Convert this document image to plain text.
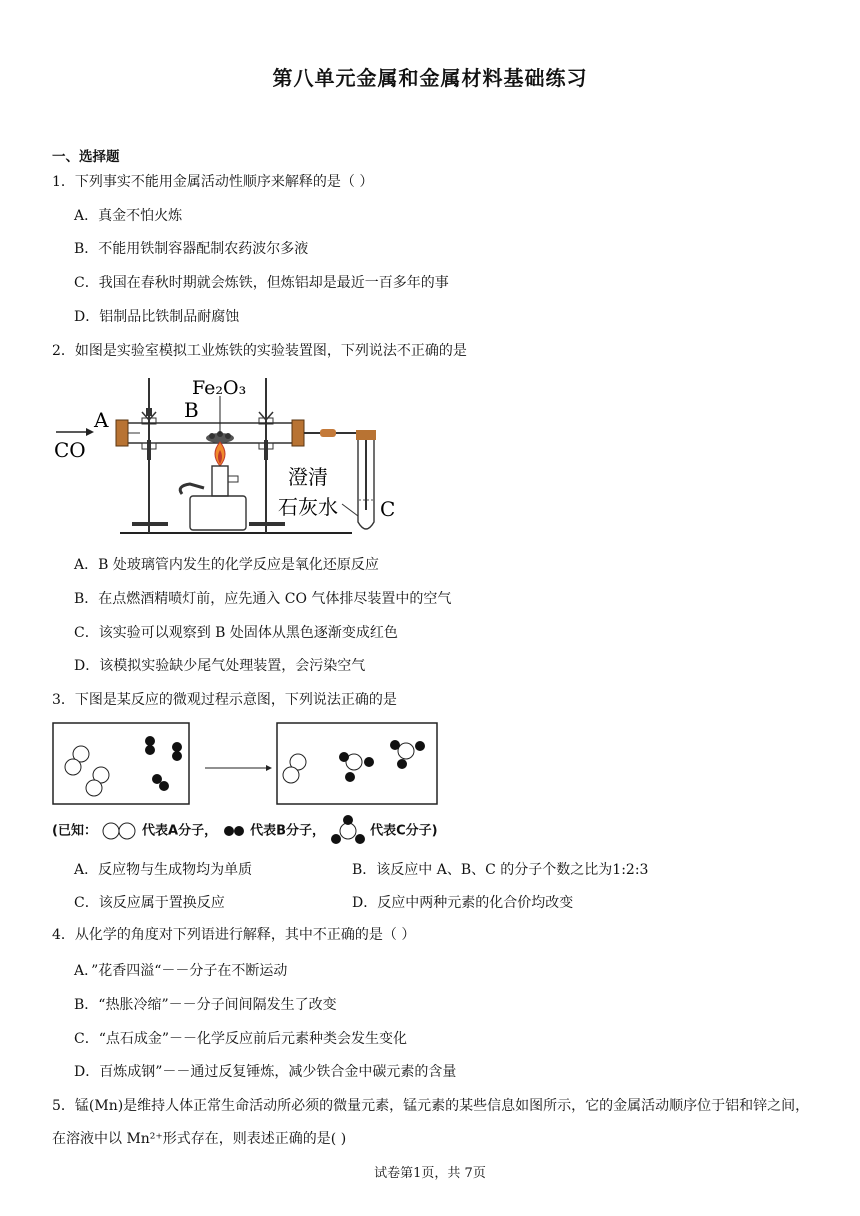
第八单元金属和金属材料基础练习
一、选择题
1．下列事实不能用金属活动性顺序来解释的是（ ）
A．真金不怕火炼
B．不能用铁制容器配制农药波尔多液
C．我国在春秋时期就会炼铁，但炼铝却是最近一百多年的事
D．铝制品比铁制品耐腐蚀
2．如图是实验室模拟工业炼铁的实验装置图，下列说法不正确的是
CO
A	B
Fe₂O₃
澄清
石灰水 C
A．B 处玻璃管内发生的化学反应是氧化还原反应
B．在点燃酒精喷灯前，应先通入 CO 气体排尽装置中的空气
C．该实验可以观察到 B 处固体从黑色逐渐变成红色
D．该模拟实验缺少尾气处理装置，会污染空气
3．下图是某反应的微观过程示意图，下列说法正确的是
(已知：	代表A分子，	代表B分子，	代表C分子)
A．反应物与生成物均为单质	B．该反应中 A、B、C 的分子个数之比为1:2:3
C．该反应属于置换反应	D．反应中两种元素的化合价均改变
4．从化学的角度对下列语进行解释，其中不正确的是（ ）
A．”花香四溢“－－分子在不断运动
B．“热胀冷缩”－－分子间间隔发生了改变
C．“点石成金”－－化学反应前后元素种类会发生变化
D．百炼成钢”－－通过反复锤炼，减少铁合金中碳元素的含量
5．锰(Mn)是维持人体正常生命活动所必须的微量元素，锰元素的某些信息如图所示，它的金属活动顺序位于铝和锌之间，在溶液中以 Mn²⁺形式存在，则表述正确的是( )
试卷第1页，共 7页
